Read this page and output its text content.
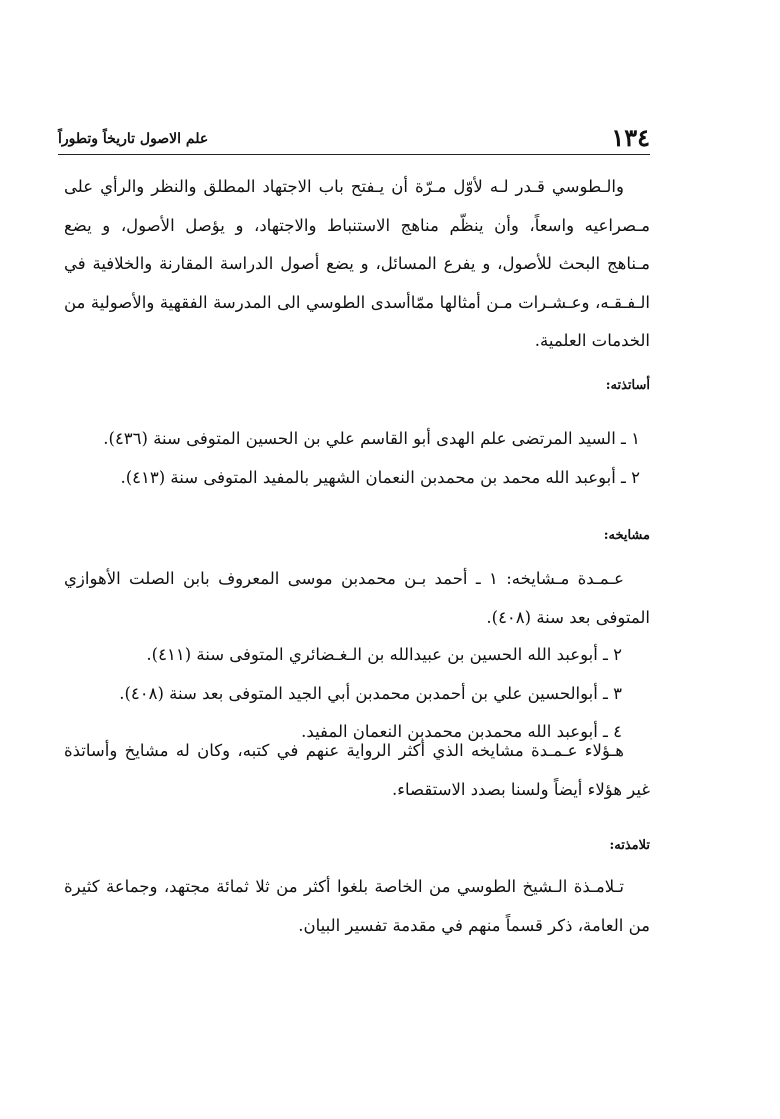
١٣٤
علم الاصول تاريخاً وتطوراً
والـطوسي قـدر لـه لأوّل مـرّة أن يـفتح باب الاجتهاد المطلق والنظر والرأي على
مـصراعيه واسعاً، وأن ينظّم مناهج الاستنباط والاجتهاد، و يؤصل الأصول، و يضع
مـناهج البحث للأصول، و يفرع المسائل، و يضع أصول الدراسة المقارنة والخلافية في
الـفـقـه، وعـشـرات مـن أمثالها ممّاأسدى الطوسي الى المدرسة الفقهية والأصولية من
الخدمات العلمية.

أساتذته:

١ ـ السيد المرتضى علم الهدى أبو القاسم علي بن الحسين المتوفى سنة (٤٣٦).
٢ ـ أبوعبد الله محمد بن محمدبن النعمان الشهير بالمفيد المتوفى سنة (٤١٣).

مشايخه:

عـمـدة مـشايخه: ١ ـ أحمد بـن محمدبن موسى المعروف بابن الصلت الأهوازي
المتوفى بعد سنة (٤٠٨).
٢ ـ أبوعبد الله الحسين بن عبيدالله بن الـغـضائري المتوفى سنة (٤١١).
٣ ـ أبوالحسين علي بن أحمدبن محمدبن أبي الجيد المتوفى بعد سنة (٤٠٨).
٤ ـ أبوعبد الله محمدبن محمدبن النعمان المفيد.
هـؤلاء عـمـدة مشايخه الذي أكثر الرواية عنهم في كتبه، وكان له مشايخ وأساتذة
غير هؤلاء أيضاً ولسنا بصدد الاستقصاء.

تلامذته:

تـلامـذة الـشيخ الطوسي من الخاصة بلغوا أكثر من ثلا ثمائة مجتهد، وجماعة كثيرة
من العامة، ذكر قسماً منهم في مقدمة تفسير البيان.
